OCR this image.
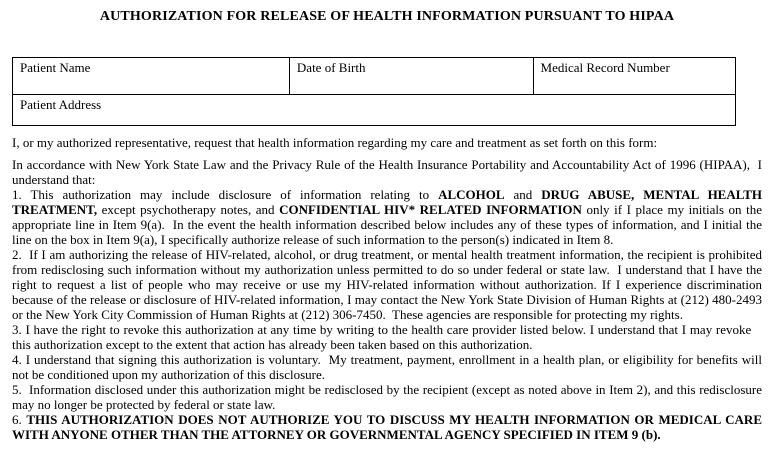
AUTHORIZATION FOR RELEASE OF HEALTH INFORMATION PURSUANT TO HIPAA
Patient Name	Date of Birth	Medical Record Number
Patient Address

I, or my authorized representative, request that health information regarding my care and treatment as set forth on this form:

In accordance with New York State Law and the Privacy Rule of the Health Insurance Portability and Accountability Act of 1996 (HIPAA),  I understand that:

1. This authorization may include disclosure of information relating to ALCOHOL and DRUG ABUSE, MENTAL HEALTH TREATMENT, except psychotherapy notes, and CONFIDENTIAL HIV* RELATED INFORMATION only if I place my initials on the appropriate line in Item 9(a).  In the event the health information described below includes any of these types of information, and I initial the line on the box in Item 9(a), I specifically authorize release of such information to the person(s) indicated in Item 8.

2.  If I am authorizing the release of HIV-related, alcohol, or drug treatment, or mental health treatment information, the recipient is prohibited from redisclosing such information without my authorization unless permitted to do so under federal or state law.  I understand that I have the right to request a list of people who may receive or use my HIV-related information without authorization. If I experience discrimination because of the release or disclosure of HIV-related information, I may contact the New York State Division of Human Rights at (212) 480-2493 or the New York City Commission of Human Rights at (212) 306-7450.  These agencies are responsible for protecting my rights.

3. I have the right to revoke this authorization at any time by writing to the health care provider listed below. I understand that I may revoke    this authorization except to the extent that action has already been taken based on this authorization.

4. I understand that signing this authorization is voluntary.  My treatment, payment, enrollment in a health plan, or eligibility for benefits will not be conditioned upon my authorization of this disclosure.

5.  Information disclosed under this authorization might be redisclosed by the recipient (except as noted above in Item 2), and this redisclosure may no longer be protected by federal or state law.

6. THIS AUTHORIZATION DOES NOT AUTHORIZE YOU TO DISCUSS MY HEALTH INFORMATION OR MEDICAL CARE WITH ANYONE OTHER THAN THE ATTORNEY OR GOVERNMENTAL AGENCY SPECIFIED IN ITEM 9 (b).
